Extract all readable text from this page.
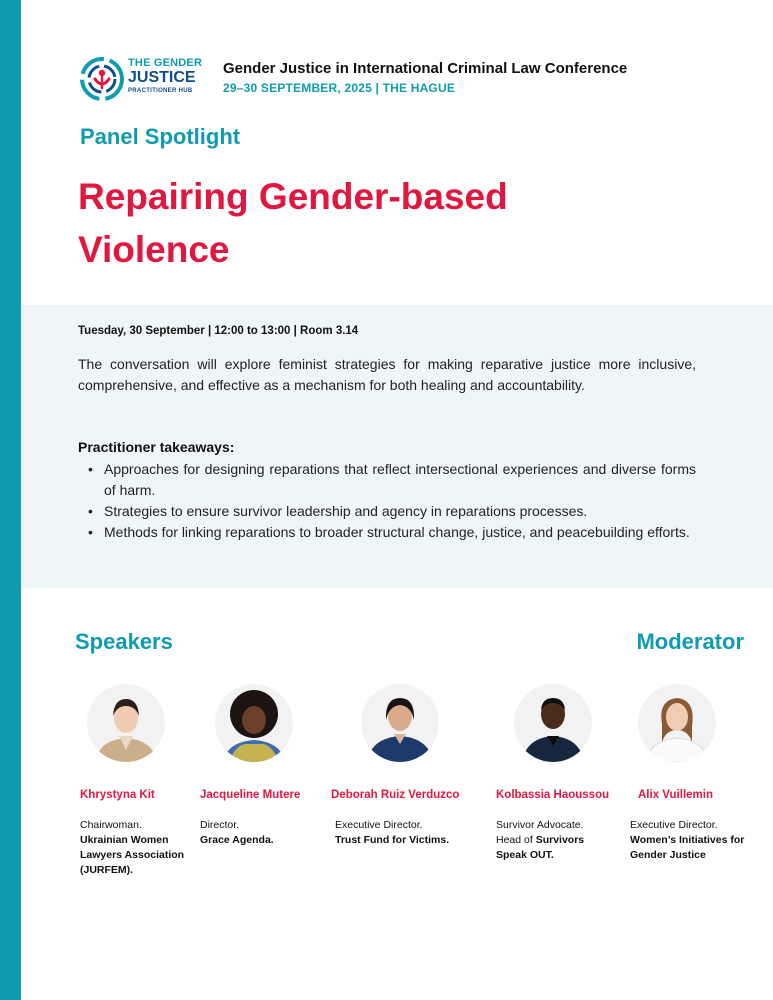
THE GENDER
JUSTICE
PRACTITIONER HUB
Gender Justice in International Criminal Law Conference
29–30 SEPTEMBER, 2025 | THE HAGUE
Panel Spotlight
Repairing Gender-based
Violence
Tuesday, 30 September | 12:00 to 13:00 | Room 3.14

The conversation will explore feminist strategies for making reparative justice more inclusive, comprehensive, and effective as a mechanism for both healing and accountability.

Practitioner takeaways:
• Approaches for designing reparations that reflect intersectional experiences and diverse forms of harm.
• Strategies to ensure survivor leadership and agency in reparations processes.
• Methods for linking reparations to broader structural change, justice, and peacebuilding efforts.
Speakers	Moderator
Khrystyna Kit
Chairwoman.
Ukrainian Women Lawyers Association (JURFEM).
Jacqueline Mutere
Director.
Grace Agenda.
Deborah Ruiz Verduzco
Executive Director.
Trust Fund for Victims.
Kolbassia Haoussou
Survivor Advocate.
Head of Survivors Speak OUT.
Alix Vuillemin
Executive Director.
Women’s Initiatives for Gender Justice
